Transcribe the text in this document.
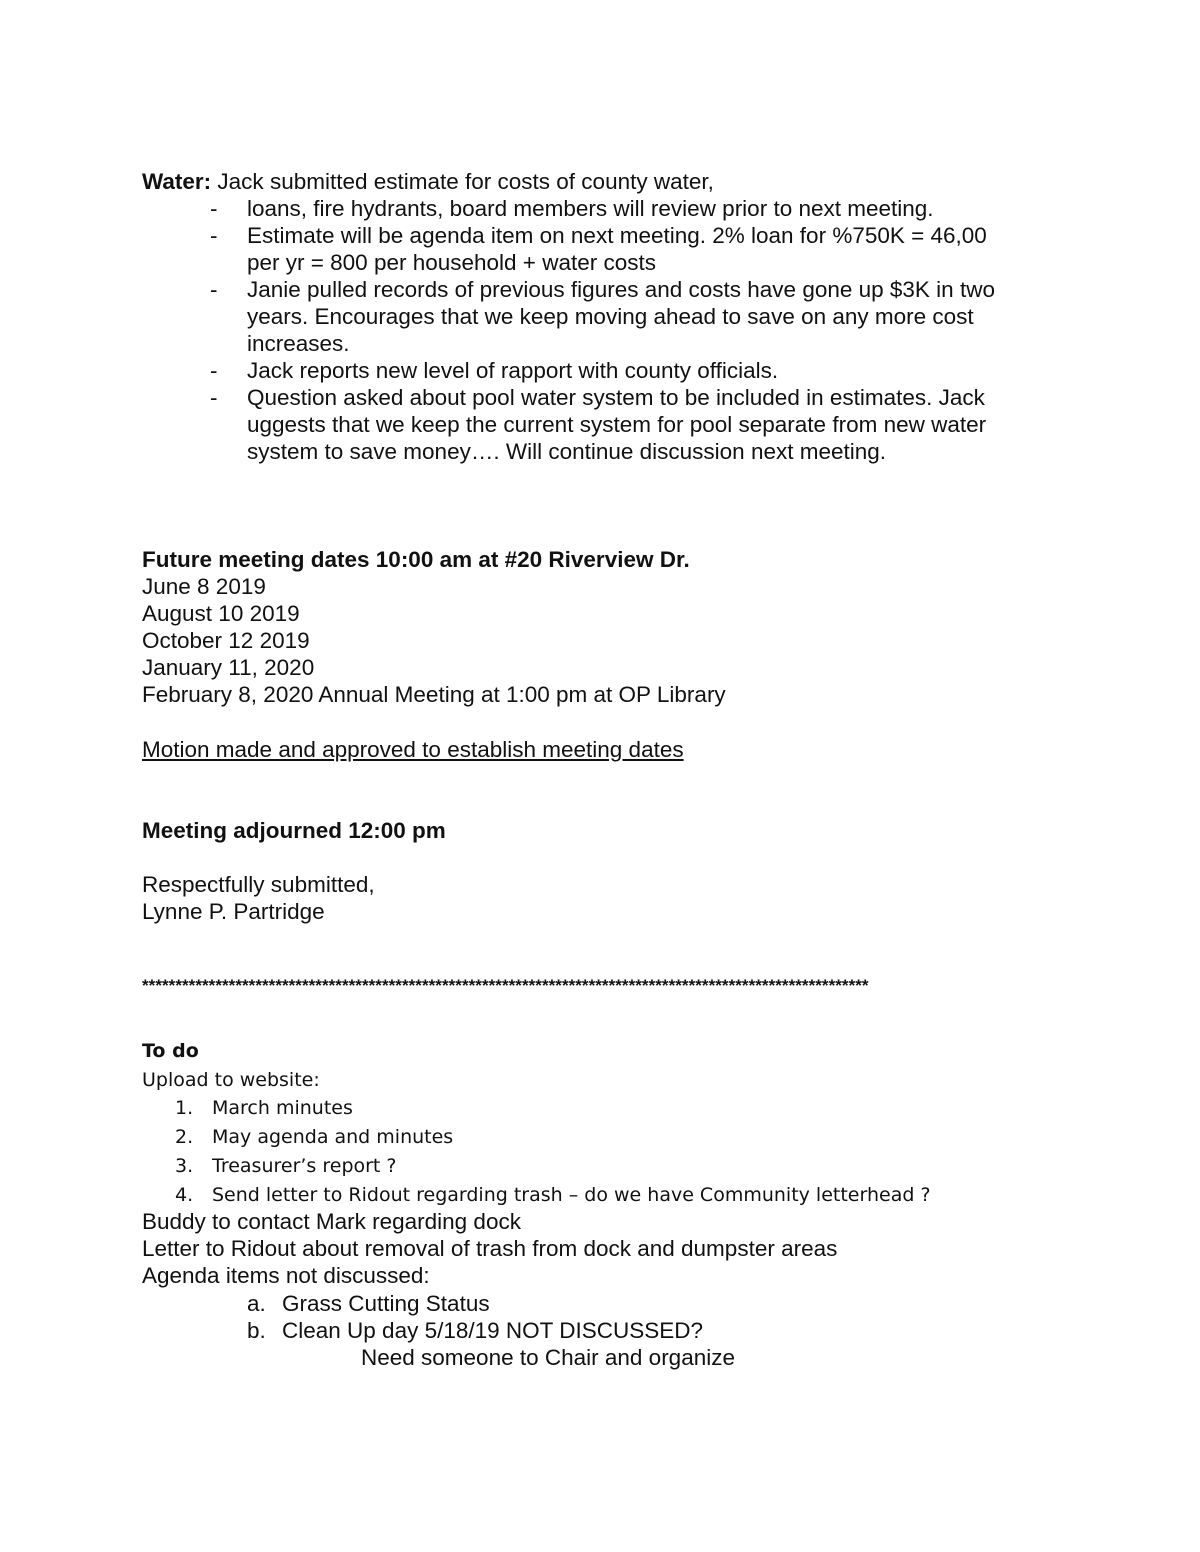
Water: Jack submitted estimate for costs of county water,
- loans, fire hydrants, board members will review prior to next meeting.
- Estimate will be agenda item on next meeting. 2% loan for %750K = 46,00
per yr = 800 per household + water costs
- Janie pulled records of previous figures and costs have gone up $3K in two
years. Encourages that we keep moving ahead to save on any more cost
increases.
- Jack reports new level of rapport with county officials.
- Question asked about pool water system to be included in estimates. Jack
uggests that we keep the current system for pool separate from new water
system to save money…. Will continue discussion next meeting.
Future meeting dates 10:00 am at #20 Riverview Dr.
June 8 2019
August 10 2019
October 12 2019
January 11, 2020
February 8, 2020 Annual Meeting at 1:00 pm at OP Library
Motion made and approved to establish meeting dates
Meeting adjourned 12:00 pm
Respectfully submitted,
Lynne P. Partridge
*************************************************************************************************************
To do
Upload to website:
1. March minutes
2. May agenda and minutes
3. Treasurer’s report ?
4. Send letter to Ridout regarding trash – do we have Community letterhead ?
Buddy to contact Mark regarding dock
Letter to Ridout about removal of trash from dock and dumpster areas
Agenda items not discussed:
a. Grass Cutting Status
b. Clean Up day 5/18/19 NOT DISCUSSED?
Need someone to Chair and organize
